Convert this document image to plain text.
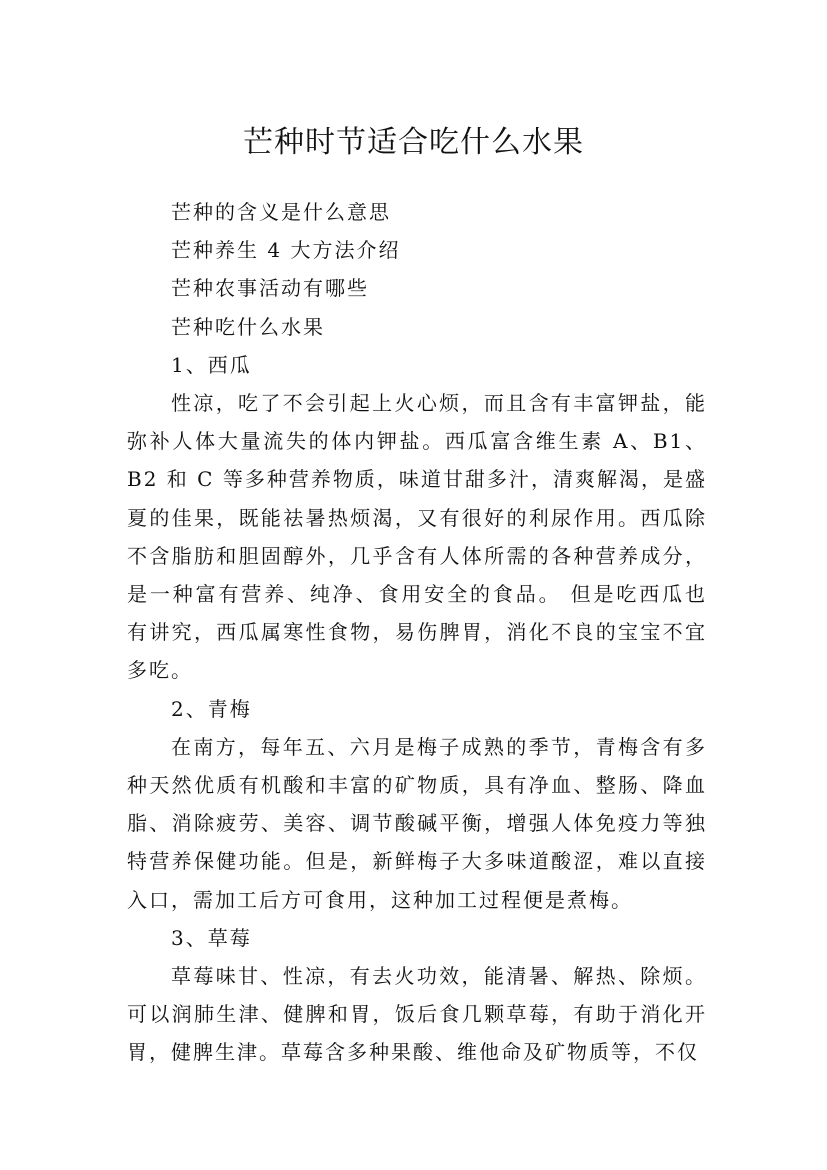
芒种时节适合吃什么水果

芒种的含义是什么意思

芒种养生 4 大方法介绍

芒种农事活动有哪些

芒种吃什么水果

1、西瓜

性凉，吃了不会引起上火心烦，而且含有丰富钾盐，能弥补人体大量流失的体内钾盐。西瓜富含维生素 A、B1、B2 和 C 等多种营养物质，味道甘甜多汁，清爽解渴，是盛夏的佳果，既能祛暑热烦渴，又有很好的利尿作用。西瓜除不含脂肪和胆固醇外，几乎含有人体所需的各种营养成分，是一种富有营养、纯净、食用安全的食品。 但是吃西瓜也有讲究，西瓜属寒性食物，易伤脾胃，消化不良的宝宝不宜多吃。

2、青梅

在南方，每年五、六月是梅子成熟的季节，青梅含有多种天然优质有机酸和丰富的矿物质，具有净血、整肠、降血脂、消除疲劳、美容、调节酸碱平衡，增强人体免疫力等独特营养保健功能。但是，新鲜梅子大多味道酸涩，难以直接入口，需加工后方可食用，这种加工过程便是煮梅。

3、草莓

草莓味甘、性凉，有去火功效，能清暑、解热、除烦。可以润肺生津、健脾和胃，饭后食几颗草莓，有助于消化开胃，健脾生津。草莓含多种果酸、维他命及矿物质等，不仅
